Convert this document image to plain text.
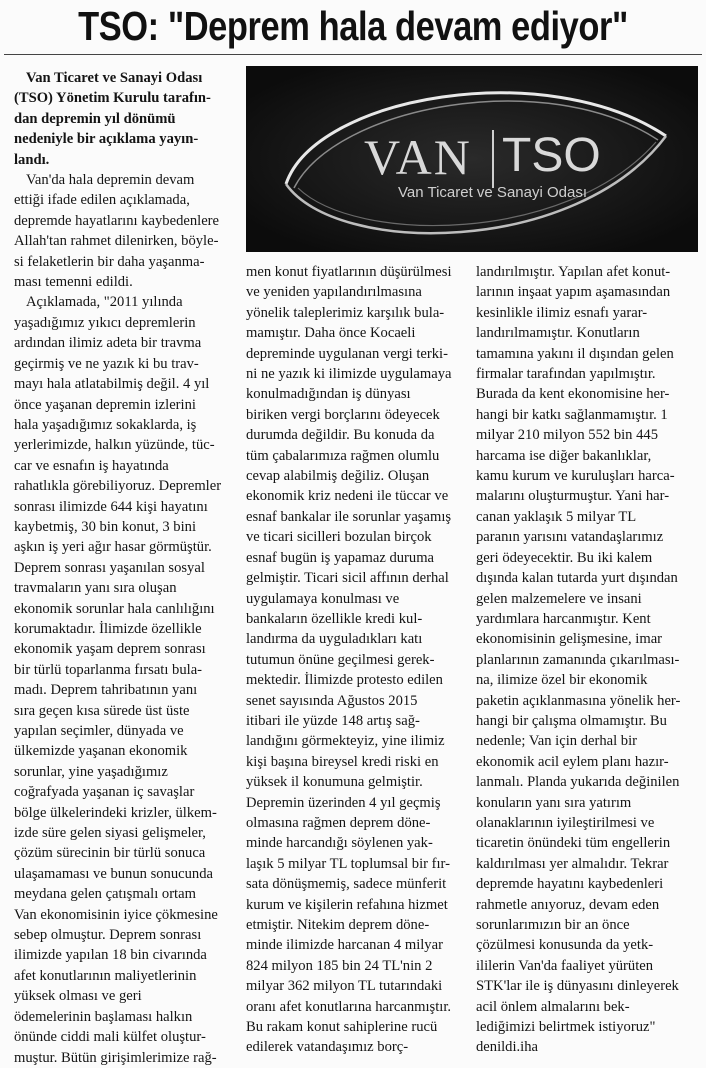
TSO: "Deprem hala devam ediyor"
VAN TSO
Van Ticaret ve Sanayi Odası

Van Ticaret ve Sanayi Odası
(TSO) Yönetim Kurulu tarafın-
dan depremin yıl dönümü
nedeniyle bir açıklama yayın-
landı.

Van'da hala depremin devam
ettiği ifade edilen açıklamada,
depremde hayatlarını kaybedenlere
Allah'tan rahmet dilenirken, böyle-
si felaketlerin bir daha yaşanma-
ması temenni edildi.

Açıklamada, "2011 yılında
yaşadığımız yıkıcı depremlerin
ardından ilimiz adeta bir travma
geçirmiş ve ne yazık ki bu trav-
mayı hala atlatabilmiş değil. 4 yıl
önce yaşanan depremin izlerini
hala yaşadığımız sokaklarda, iş
yerlerimizde, halkın yüzünde, tüc-
car ve esnafın iş hayatında
rahatlıkla görebiliyoruz. Depremler
sonrası ilimizde 644 kişi hayatını
kaybetmiş, 30 bin konut, 3 bini
aşkın iş yeri ağır hasar görmüştür.
Deprem sonrası yaşanılan sosyal
travmaların yanı sıra oluşan
ekonomik sorunlar hala canlılığını
korumaktadır. İlimizde özellikle
ekonomik yaşam deprem sonrası
bir türlü toparlanma fırsatı bula-
madı. Deprem tahribatının yanı
sıra geçen kısa sürede üst üste
yapılan seçimler, dünyada ve
ülkemizde yaşanan ekonomik
sorunlar, yine yaşadığımız
coğrafyada yaşanan iç savaşlar
bölge ülkelerindeki krizler, ülkem-
izde süre gelen siyasi gelişmeler,
çözüm sürecinin bir türlü sonuca
ulaşamaması ve bunun sonucunda
meydana gelen çatışmalı ortam
Van ekonomisinin iyice çökmesine
sebep olmuştur. Deprem sonrası
ilimizde yapılan 18 bin civarında
afet konutlarının maliyetlerinin
yüksek olması ve geri
ödemelerinin başlaması halkın
önünde ciddi mali külfet oluştur-
muştur. Bütün girişimlerimize rağ-

men konut fiyatlarının düşürülmesi
ve yeniden yapılandırılmasına
yönelik taleplerimiz karşılık bula-
mamıştır. Daha önce Kocaeli
depreminde uygulanan vergi terki-
ni ne yazık ki ilimizde uygulamaya
konulmadığından iş dünyası
biriken vergi borçlarını ödeyecek
durumda değildir. Bu konuda da
tüm çabalarımıza rağmen olumlu
cevap alabilmiş değiliz. Oluşan
ekonomik kriz nedeni ile tüccar ve
esnaf bankalar ile sorunlar yaşamış
ve ticari sicilleri bozulan birçok
esnaf bugün iş yapamaz duruma
gelmiştir. Ticari sicil affının derhal
uygulamaya konulması ve
bankaların özellikle kredi kul-
landırma da uyguladıkları katı
tutumun önüne geçilmesi gerek-
mektedir. İlimizde protesto edilen
senet sayısında Ağustos 2015
itibari ile yüzde 148 artış sağ-
landığını görmekteyiz, yine ilimiz
kişi başına bireysel kredi riski en
yüksek il konumuna gelmiştir.
Depremin üzerinden 4 yıl geçmiş
olmasına rağmen deprem döne-
minde harcandığı söylenen yak-
laşık 5 milyar TL toplumsal bir fır-
sata dönüşmemiş, sadece münferit
kurum ve kişilerin refahına hizmet
etmiştir. Nitekim deprem döne-
minde ilimizde harcanan 4 milyar
824 milyon 185 bin 24 TL'nin 2
milyar 362 milyon TL tutarındaki
oranı afet konutlarına harcanmıştır.
Bu rakam konut sahiplerine rucü
edilerek vatandaşımız borç-

landırılmıştır. Yapılan afet konut-
larının inşaat yapım aşamasından
kesinlikle ilimiz esnafı yarar-
landırılmamıştır. Konutların
tamamına yakını il dışından gelen
firmalar tarafından yapılmıştır.
Burada da kent ekonomisine her-
hangi bir katkı sağlanmamıştır. 1
milyar 210 milyon 552 bin 445
harcama ise diğer bakanlıklar,
kamu kurum ve kuruluşları harca-
malarını oluşturmuştur. Yani har-
canan yaklaşık 5 milyar TL
paranın yarısını vatandaşlarımız
geri ödeyecektir. Bu iki kalem
dışında kalan tutarda yurt dışından
gelen malzemelere ve insani
yardımlara harcanmıştır. Kent
ekonomisinin gelişmesine, imar
planlarının zamanında çıkarılması-
na, ilimize özel bir ekonomik
paketin açıklanmasına yönelik her-
hangi bir çalışma olmamıştır. Bu
nedenle; Van için derhal bir
ekonomik acil eylem planı hazır-
lanmalı. Planda yukarıda değinilen
konuların yanı sıra yatırım
olanaklarının iyileştirilmesi ve
ticaretin önündeki tüm engellerin
kaldırılması yer almalıdır. Tekrar
depremde hayatını kaybedenleri
rahmetle anıyoruz, devam eden
sorunlarımızın bir an önce
çözülmesi konusunda da yetk-
ililerin Van'da faaliyet yürüten
STK'lar ile iş dünyasını dinleyerek
acil önlem almalarını bek-
lediğimizi belirtmek istiyoruz"
denildi.iha
